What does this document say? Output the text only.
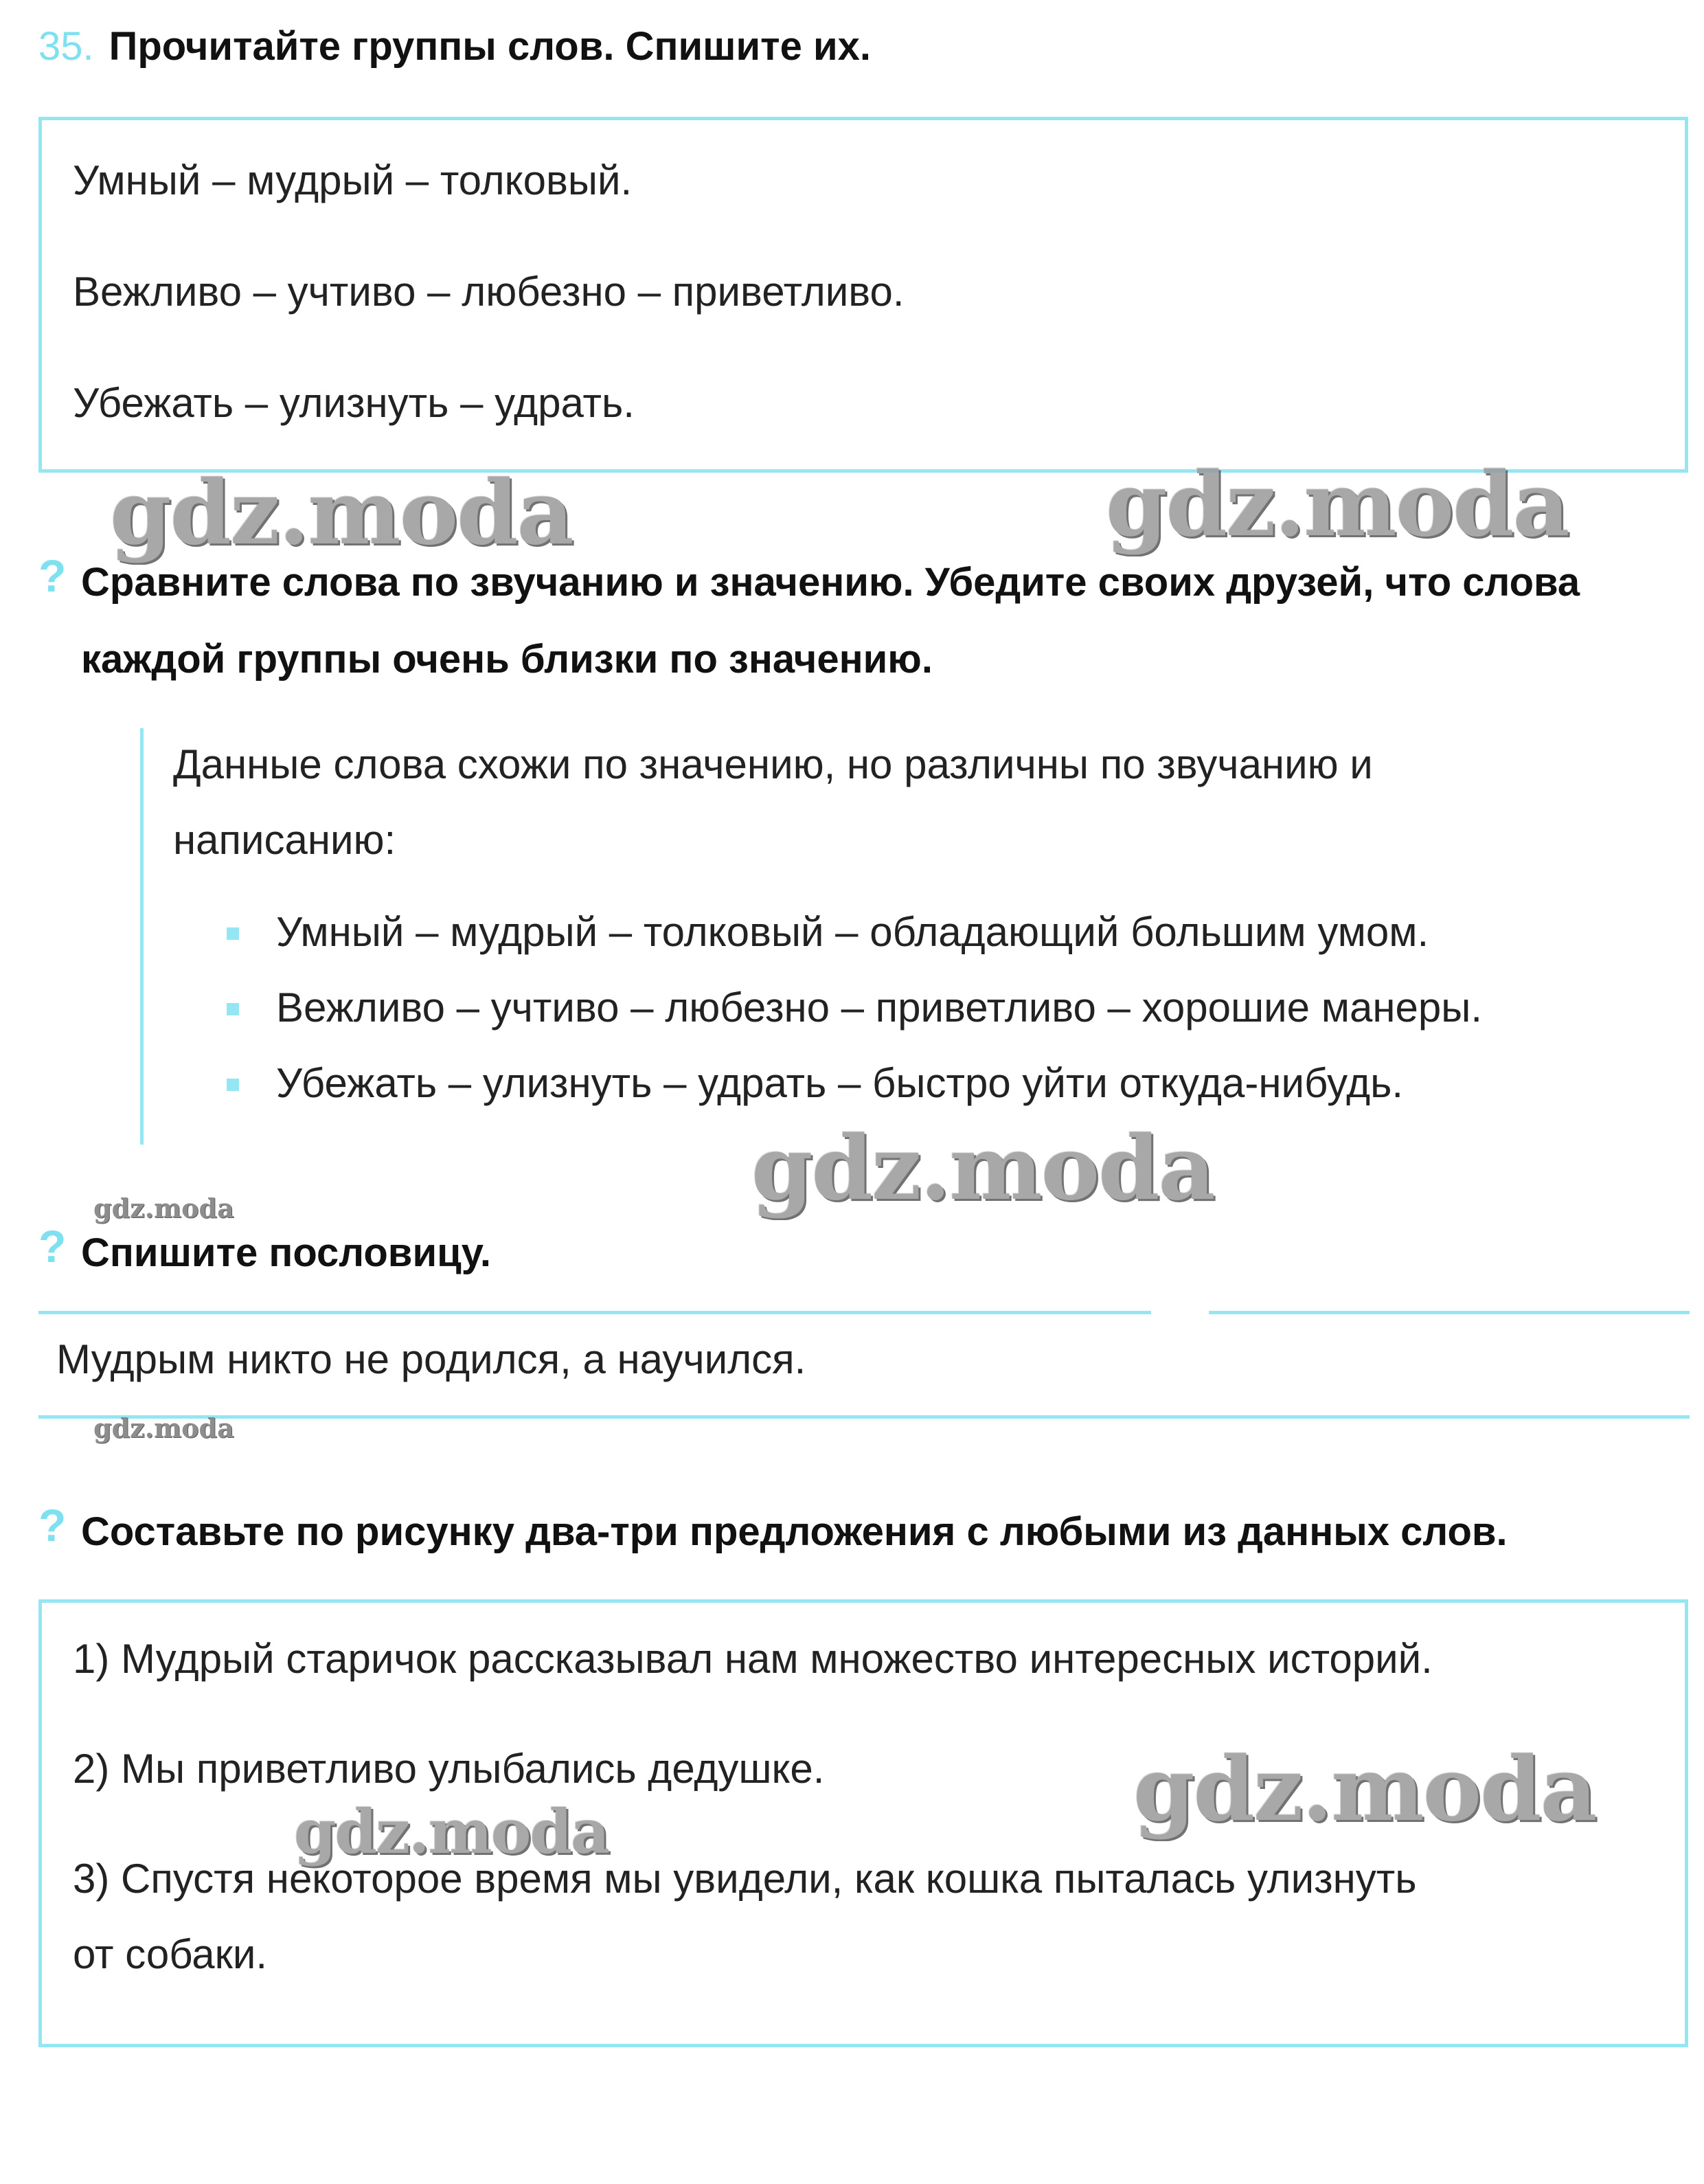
35. Прочитайте группы слов. Спишите их.
Умный – мудрый – толковый.
Вежливо – учтиво – любезно – приветливо.
Убежать – улизнуть – удрать.
gdz.moda	gdz.moda
? Сравните слова по звучанию и значению. Убедите своих друзей, что слова
каждой группы очень близки по значению.
Данные слова схожи по значению, но различны по звучанию и
написанию:
Умный – мудрый – толковый – обладающий большим умом.
Вежливо – учтиво – любезно – приветливо – хорошие манеры.
Убежать – улизнуть – удрать – быстро уйти откуда-нибудь.
gdz.moda
gdz.moda
? Спишите пословицу.
Мудрым никто не родился, а научился.
gdz.moda
? Составьте по рисунку два-три предложения с любыми из данных слов.
1) Мудрый старичок рассказывал нам множество интересных историй.
2) Мы приветливо улыбались дедушке.
3) Спустя некоторое время мы увидели, как кошка пыталась улизнуть
от собаки.
gdz.moda
gdz.moda
